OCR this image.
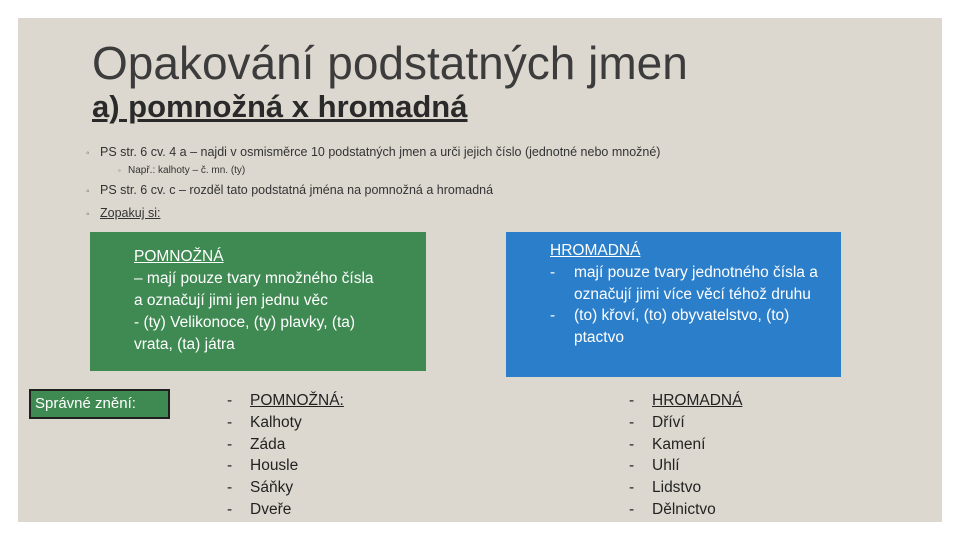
Opakování podstatných jmen
a) pomnožná x hromadná
◦ PS str. 6 cv. 4 a – najdi v osmisměrce 10 podstatných jmen a urči jejich číslo (jednotné nebo množné)
◦ Např.: kalhoty – č. mn. (ty)
◦ PS str. 6 cv. c – rozděl tato podstatná jména na pomnožná a hromadná
◦ Zopakuj si:
POMNOŽNÁ
– mají pouze tvary množného čísla
a označují jimi jen jednu věc
- (ty) Velikonoce, (ty) plavky, (ta)
vrata, (ta) játra
HROMADNÁ
-	mají pouze tvary jednotného čísla a označují jimi více věcí téhož druhu
-	(to) křoví, (to) obyvatelstvo, (to) ptactvo
Správné znění:	-	POMNOŽNÁ:
-	Kalhoty
-	Záda
-	Housle
-	Sáňky
-	Dveře
-	HROMADNÁ
-	Dříví
-	Kamení
-	Uhlí
-	Lidstvo
-	Dělnictvo
